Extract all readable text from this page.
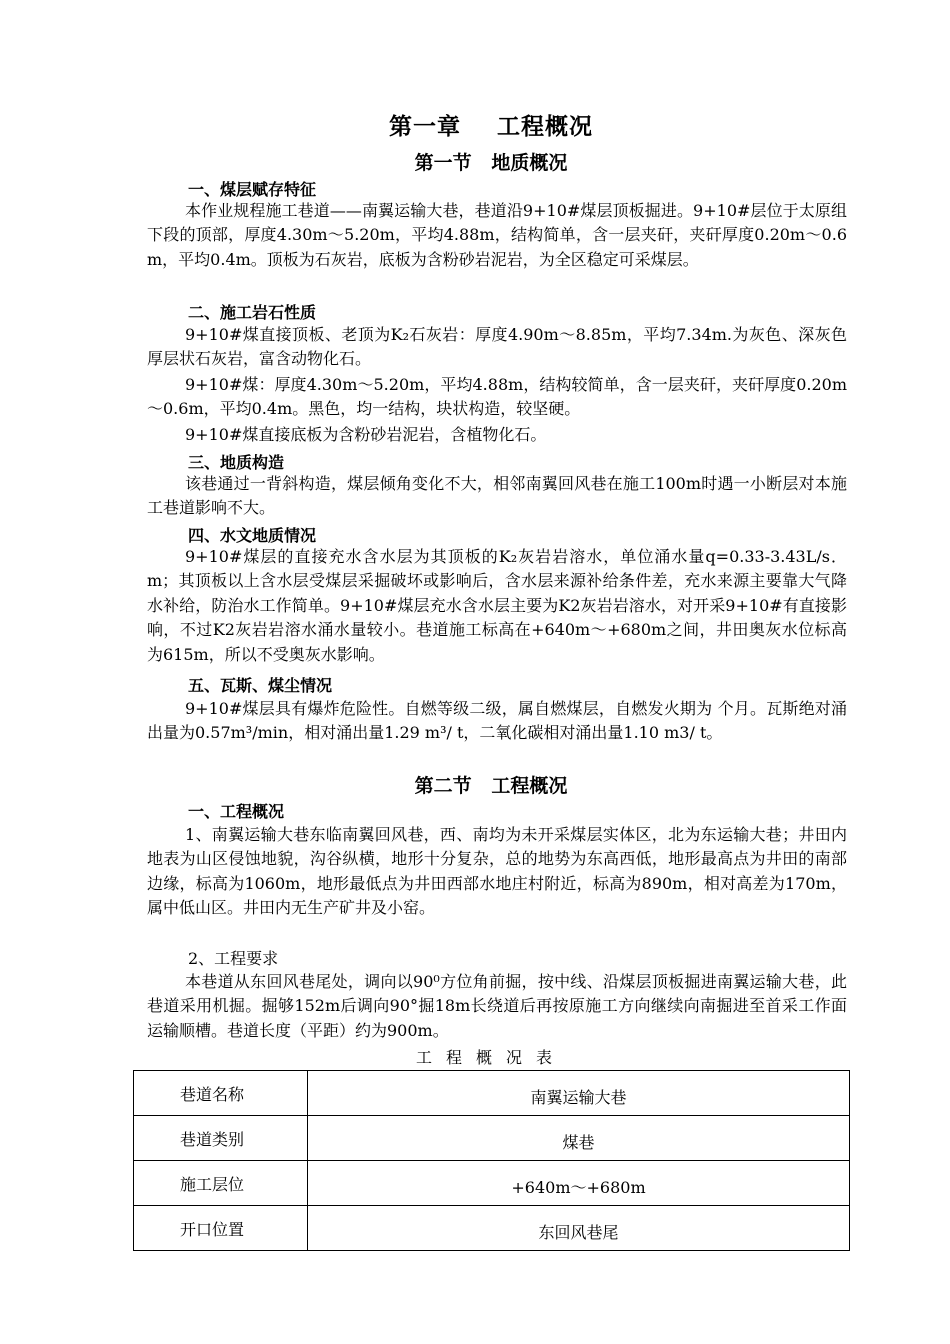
第一章    工程概况
第一节   地质概况
一、煤层赋存特征
本作业规程施工巷道——南翼运输大巷，巷道沿9+10#煤层顶板掘进。9+10#层位于太原组下段的顶部，厚度4.30m～5.20m，平均4.88m，结构简单，含一层夹矸，夹矸厚度0.20m～0.6m，平均0.4m。顶板为石灰岩，底板为含粉砂岩泥岩，为全区稳定可采煤层。
二、施工岩石性质
9+10#煤直接顶板、老顶为K₂石灰岩：厚度4.90m～8.85m，平均7.34m.为灰色、深灰色厚层状石灰岩，富含动物化石。
9+10#煤：厚度4.30m～5.20m，平均4.88m，结构较简单，含一层夹矸，夹矸厚度0.20m～0.6m，平均0.4m。黑色，均一结构，块状构造，较坚硬。
9+10#煤直接底板为含粉砂岩泥岩，含植物化石。
三、地质构造
该巷通过一背斜构造，煤层倾角变化不大，相邻南翼回风巷在施工100m时遇一小断层对本施工巷道影响不大。
四、水文地质情况
9+10#煤层的直接充水含水层为其顶板的K₂灰岩岩溶水，单位涌水量q=0.33-3.43L/s．m；其顶板以上含水层受煤层采掘破坏或影响后，含水层来源补给条件差，充水来源主要靠大气降水补给，防治水工作简单。9+10#煤层充水含水层主要为K2灰岩岩溶水，对开采9+10#有直接影响，不过K2灰岩岩溶水涌水量较小。巷道施工标高在+640m～+680m之间，井田奥灰水位标高为615m，所以不受奥灰水影响。
五、瓦斯、煤尘情况
9+10#煤层具有爆炸危险性。自燃等级二级，属自燃煤层，自燃发火期为 个月。瓦斯绝对涌出量为0.57m³/min，相对涌出量1.29 m³/ t，二氧化碳相对涌出量1.10 m3/ t。
第二节   工程概况
一、工程概况
1、南翼运输大巷东临南翼回风巷，西、南均为未开采煤层实体区，北为东运输大巷；井田内地表为山区侵蚀地貌，沟谷纵横，地形十分复杂，总的地势为东高西低，地形最高点为井田的南部边缘，标高为1060m，地形最低点为井田西部水地庄村附近，标高为890m，相对高差为170m，属中低山区。井田内无生产矿井及小窑。
2、工程要求
本巷道从东回风巷尾处，调向以90⁰方位角前掘，按中线、沿煤层顶板掘进南翼运输大巷，此巷道采用机掘。掘够152m后调向90°掘18m长绕道后再按原施工方向继续向南掘进至首采工作面运输顺槽。巷道长度（平距）约为900m。
工程概况表
巷道名称	南翼运输大巷
巷道类别	煤巷
施工层位	+640m～+680m
开口位置	东回风巷尾
